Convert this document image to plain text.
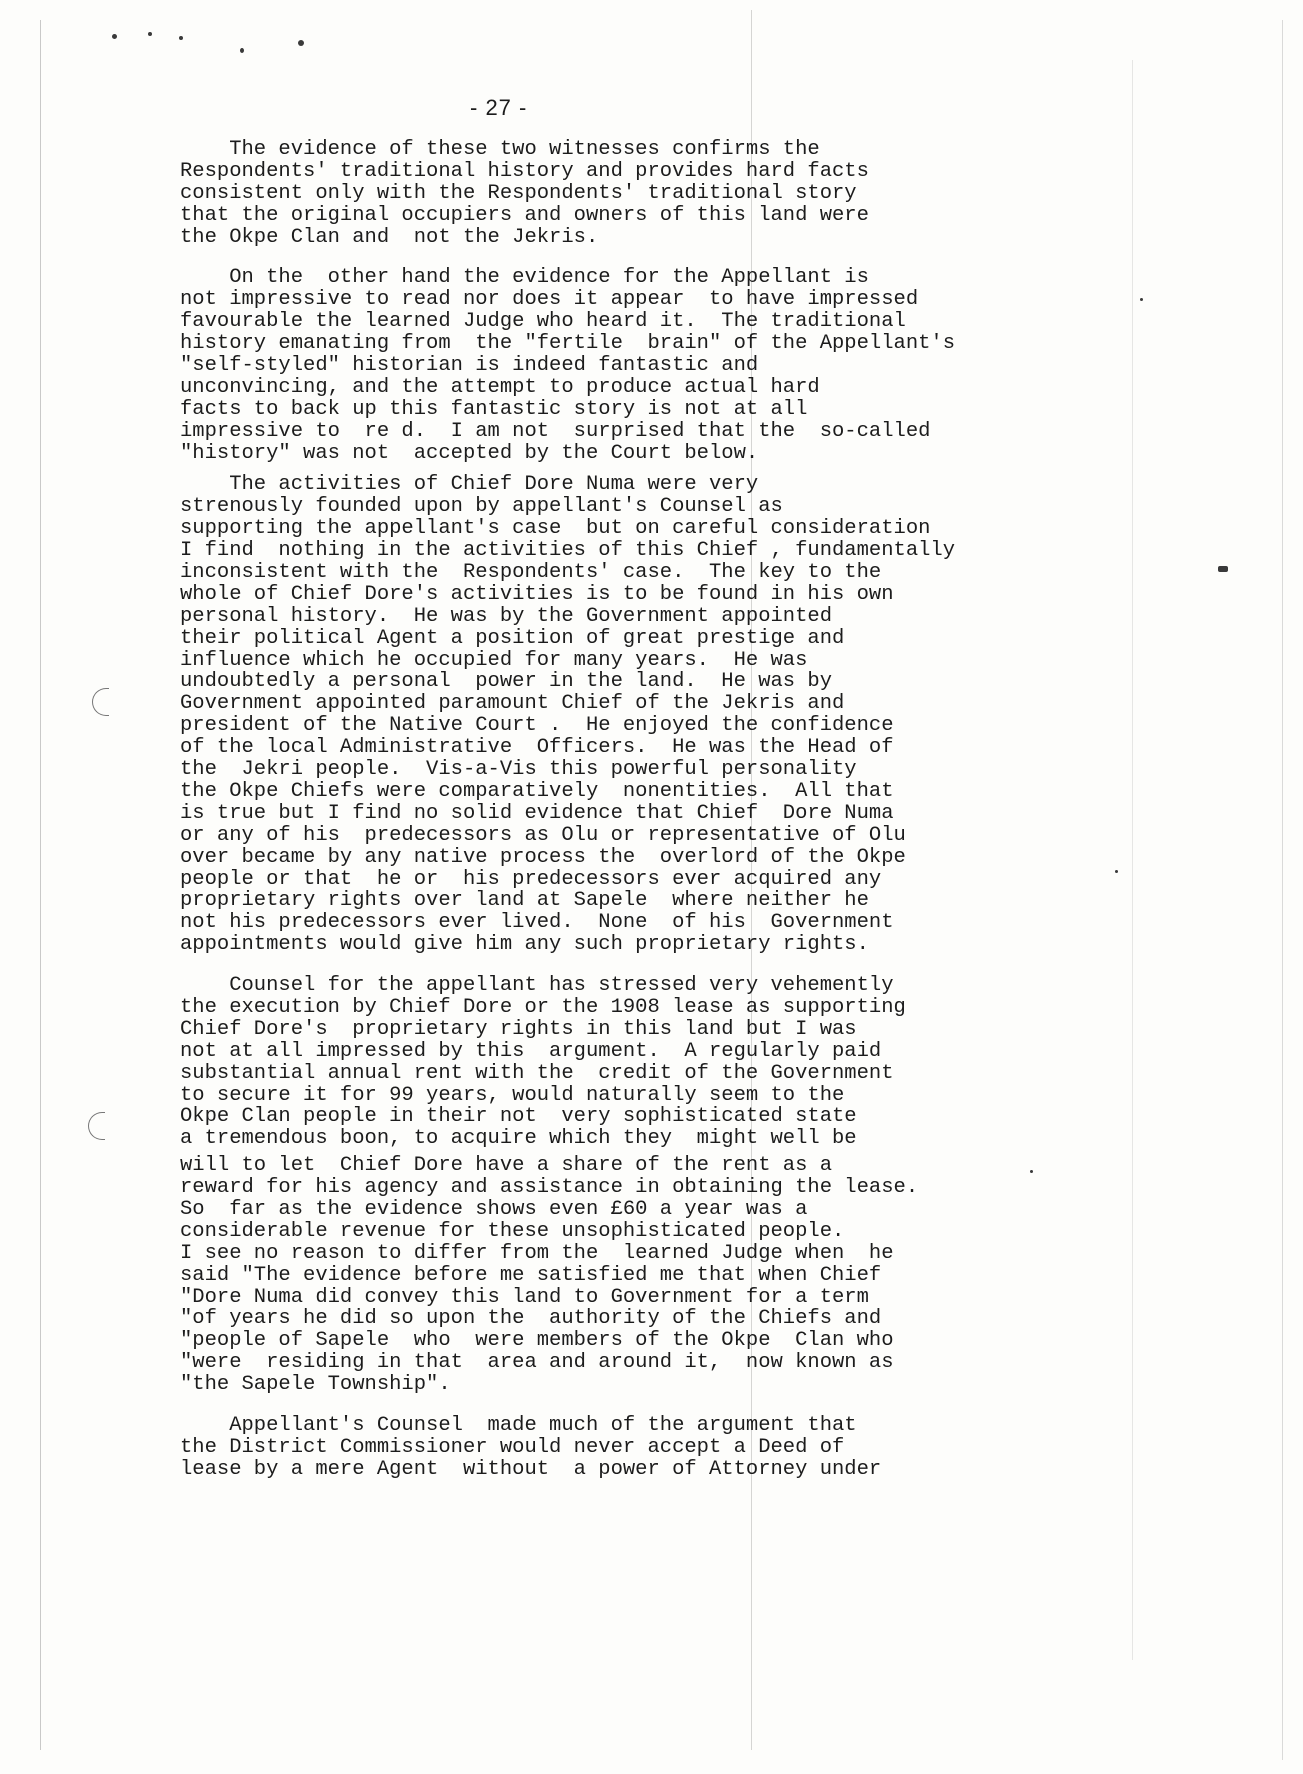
- 27 -
The evidence of these two witnesses confirms the
Respondents' traditional history and provides hard facts
consistent only with the Respondents' traditional story
that the original occupiers and owners of this land were
the Okpe Clan and  not the Jekris.
On the  other hand the evidence for the Appellant is
not impressive to read nor does it appear  to have impressed
favourable the learned Judge who heard it.  The traditional
history emanating from  the "fertile  brain" of the Appellant's
"self-styled" historian is indeed fantastic and
unconvincing, and the attempt to produce actual hard
facts to back up this fantastic story is not at all
impressive to  re d.  I am not  surprised that the  so-called
"history" was not  accepted by the Court below.
The activities of Chief Dore Numa were very
strenously founded upon by appellant's Counsel as
supporting the appellant's case  but on careful consideration
I find  nothing in the activities of this Chief , fundamentally
inconsistent with the  Respondents' case.  The key to the
whole of Chief Dore's activities is to be found in his own
personal history.  He was by the Government appointed
their political Agent a position of great prestige and
influence which he occupied for many years.  He was
undoubtedly a personal  power in the land.  He was by
Government appointed paramount Chief of the Jekris and
president of the Native Court .  He enjoyed the confidence
of the local Administrative  Officers.  He was the Head of
the  Jekri people.  Vis-a-Vis this powerful personality
the Okpe Chiefs were comparatively  nonentities.  All that
is true but I find no solid evidence that Chief  Dore Numa
or any of his  predecessors as Olu or representative of Olu
over became by any native process the  overlord of the Okpe
people or that  he or  his predecessors ever acquired any
proprietary rights over land at Sapele  where neither he
not his predecessors ever lived.  None  of his  Government
appointments would give him any such proprietary rights.
Counsel for the appellant has stressed very vehemently
the execution by Chief Dore or the 1908 lease as supporting
Chief Dore's  proprietary rights in this land but I was
not at all impressed by this  argument.  A regularly paid
substantial annual rent with the  credit of the Government
to secure it for 99 years, would naturally seem to the
Okpe Clan people in their not  very sophisticated state
a tremendous boon, to acquire which they  might well be
will to let  Chief Dore have a share of the rent as a
reward for his agency and assistance in obtaining the lease.
So  far as the evidence shows even £60 a year was a
considerable revenue for these unsophisticated people.
I see no reason to differ from the  learned Judge when  he
said "The evidence before me satisfied me that when Chief
"Dore Numa did convey this land to Government for a term
"of years he did so upon the  authority of the Chiefs and
"people of Sapele  who  were members of the Okpe  Clan who
"were  residing in that  area and around it,  now known as
"the Sapele Township".
Appellant's Counsel  made much of the argument that
the District Commissioner would never accept a Deed of
lease by a mere Agent  without  a power of Attorney under
